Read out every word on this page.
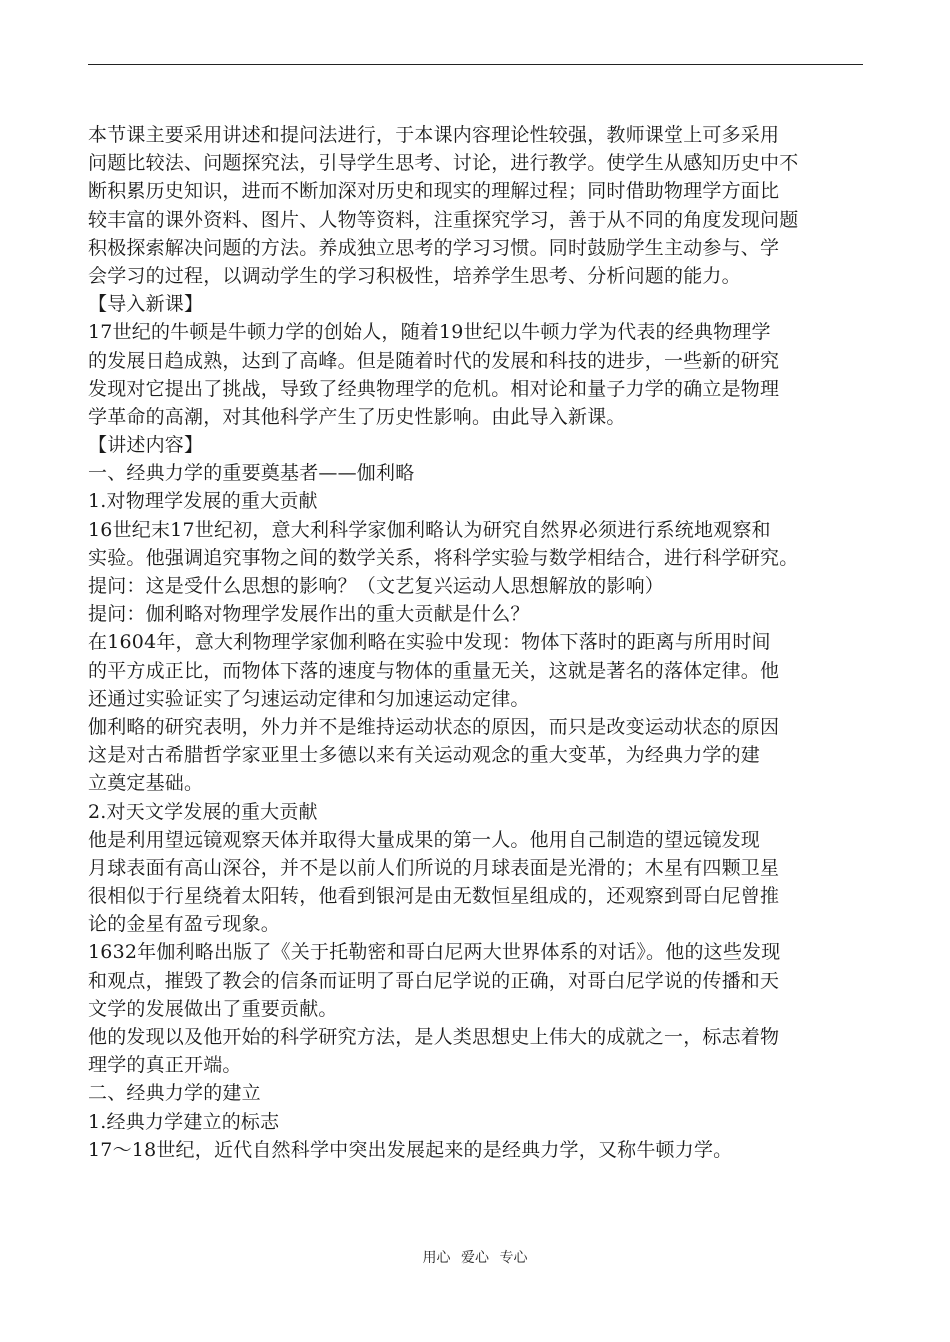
本节课主要采用讲述和提问法进行，于本课内容理论性较强，教师课堂上可多采用
问题比较法、问题探究法，引导学生思考、讨论，进行教学。使学生从感知历史中不
断积累历史知识，进而不断加深对历史和现实的理解过程；同时借助物理学方面比
较丰富的课外资料、图片、人物等资料，注重探究学习，善于从不同的角度发现问题
积极探索解决问题的方法。养成独立思考的学习习惯。同时鼓励学生主动参与、学
会学习的过程，以调动学生的学习积极性，培养学生思考、分析问题的能力。
【导入新课】
17世纪的牛顿是牛顿力学的创始人，随着19世纪以牛顿力学为代表的经典物理学
的发展日趋成熟，达到了高峰。但是随着时代的发展和科技的进步，一些新的研究
发现对它提出了挑战，导致了经典物理学的危机。相对论和量子力学的确立是物理
学革命的高潮，对其他科学产生了历史性影响。由此导入新课。
【讲述内容】
一、经典力学的重要奠基者——伽利略
1.对物理学发展的重大贡献
16世纪末17世纪初，意大利科学家伽利略认为研究自然界必须进行系统地观察和
实验。他强调追究事物之间的数学关系，将科学实验与数学相结合，进行科学研究。
提问：这是受什么思想的影响？（文艺复兴运动人思想解放的影响）
提问：伽利略对物理学发展作出的重大贡献是什么？
在1604年，意大利物理学家伽利略在实验中发现：物体下落时的距离与所用时间
的平方成正比，而物体下落的速度与物体的重量无关，这就是著名的落体定律。他
还通过实验证实了匀速运动定律和匀加速运动定律。
伽利略的研究表明，外力并不是维持运动状态的原因，而只是改变运动状态的原因
这是对古希腊哲学家亚里士多德以来有关运动观念的重大变革，为经典力学的建
立奠定基础。
2.对天文学发展的重大贡献
他是利用望远镜观察天体并取得大量成果的第一人。他用自己制造的望远镜发现
月球表面有高山深谷，并不是以前人们所说的月球表面是光滑的；木星有四颗卫星
很相似于行星绕着太阳转，他看到银河是由无数恒星组成的，还观察到哥白尼曾推
论的金星有盈亏现象。
1632年伽利略出版了《关于托勒密和哥白尼两大世界体系的对话》。他的这些发现
和观点，摧毁了教会的信条而证明了哥白尼学说的正确，对哥白尼学说的传播和天
文学的发展做出了重要贡献。
他的发现以及他开始的科学研究方法，是人类思想史上伟大的成就之一，标志着物
理学的真正开端。
二、经典力学的建立
1.经典力学建立的标志
17～18世纪，近代自然科学中突出发展起来的是经典力学，又称牛顿力学。
用心 爱心 专心
